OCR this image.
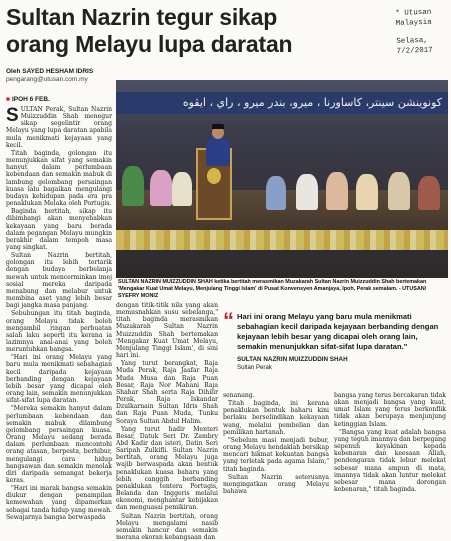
Sultan Nazrin tegur sikap
orang Melayu lupa daratan
* Utusan
Malaysia
Selasa,
7/2/2017
Oleh SAYED HESHAM IDRIS
pengarang@utusan.com.my
■ IPOH 6 FEB.

SULTAN Perak, Sultan Nazrin Muizzuddin Shah menegur sikap segelintir orang Melayu yang lupa daratan apabila mula menikmati kejayaan yang kecil.

Titah baginda, golongan itu menunjukkan sifat yang semakin hanyut dalam perlumbaan kebendaan dan semakin mabuk di lambung gelombang persaingan kuasa lalu bagaikan mengulangi budaya kehidupan pada era pra penaklukan Melaka oleh Portugis.

Baginda bertitah, sikap itu dibimbangi akan menyebabkan kekayaan yang baru berada dalam pegangan Melayu mungkin berakhir dalam tempoh masa yang singkat.

Sultan Nazrin bertitah, golongan itu lebih tertarik dengan budaya berbelanja mewah untuk mencerminkan imej sosial mereka daripada menabung dan melabur untuk membina aset yang lebih besar bagi jangka masa panjang.

Sebubungan itu titah baginda, orang Melayu tidak boleh mengambil ringan perbuatan salah laku seperti itu kerana ia lazimnya anai-anai yang boleh meruntuhkan bangsa.

"Hari ini orang Melayu yang baru mula menikmati sebahagian kecil daripada kejayaan berbanding dengan kejayaan lebih besar yang dicapai oleh orang lain, semakin menunjukkan sifat-sifat lupa daratan.

"Mereka semakin hanyut dalam perlumbaan kebendaan dan semakin mabuk dilambung gelombang persaingan kuasa. Orang Melayu sedang berada dalam perlumbaan mencontohi orang atasan, berpesta, berhibur, mengulangi cara hidup bangsawan dan semakin menolak diri daripada semangat bekerja keras.

"Hari ini marak bangsa semakin diukur dengan penampilan kemewahan yang dipamerkan sebagai tanda hidup yang mewah. Sewajarnya bangsa berwaspada

كونوينشن سينتر، كاساورنا ، ميرو، بندر ميرو ، راي ، ايڤوه
SULTAN NAZRIN MUIZZUDDIN SHAH ketika bertitah merasmikan Muzakarah Sultan Nazrin Muizzuddin Shah bertemakan 'Mengakar Kuat Umat Melayu, Menjulang Tinggi Islam' di Pusat Konvensyen Amanjaya, Ipoh, Perak semalam. - UTUSAN/ SYEFRY MONIZ

dengan titik-titik nila yang akan memusnahkan susu sebelanga," titah baginda merasmikan Muzakarah Sultan Nazrin Muizzuddin Shah bertemakan 'Mengakar Kuat Umat Melayu, Menjulang Tinggi Islam', di sini hari ini.

Yang turut berangkat, Raja Muda Perak, Raja Jaafar Raja Muda Musa dan Raja Puan Besar, Raja Nor Mahani Raja Shahar Shah serta Raja Dihilir Perak, Raja Iskandar Dzulkarnain Sultan Idris Shah dan Raja Puan Muda, Tunku Soraya Sultan Abdul Halim.

Yang turut hadir Menteri Besar, Datuk Seri Dr. Zambry Abd Kadir dan isteri, Datin Seri Saripah Zulkifli. Sultan Nazrin bertitah, orang Melayu juga wajib berwaspada akan bentuk penaklukan kuasa baharu yang lebih canggih berbanding penaklukan tentera Portugis, Belanda dan Inggeris melalui ekonomi, menghantar kebijakan dan menguasai pemikiran.

Sultan Nazrin bertitah, orang Melayu mengalami nasib semakin hancur dan semakin merana ekoran kebangsaan dan

“ Hari ini orang Melayu yang baru mula menikmati sebahagian kecil daripada kejayaan berbanding dengan kejayaan lebih besar yang dicapai oleh orang lain, semakin menunjukkan sifat-sifat lupa daratan."
SULTAN NAZRIN MUIZZUDDIN SHAH
Sultan Perak

senanang.

Titah baginda, ini kerana penaklukan bentuk baharu kini berlaku berselindikan kekayaan wang, melalui pembelian dan pemilikan hartanah.

"Sebelum masi menjadi bubur, orang Melayu hendaklah bersikap mencari hikmat kekuatan bangsa yang terletak pada agama Islam," titah baginda.

Sultan Nazrin seterusnya mengingatkan orang Melayu bahawa

bangsa yang terus bercakaran tidak akan menjadi bangsa yang kuat, umat Islam yang terus berkonflik tidak akan berupaya menjunjung ketinggian Islam.

"Bangsa yang kuat adalah bangsa yang teguh imannya dan berpegang sepenuh keyakinan kepada kebenaran dan keesaan Allah, pendengaran tidak lebur melekat sebesar mana ampun di mata, imannya tidak akan luntur melekat sebesar mana dorongan kebenaran," titah baginda.
